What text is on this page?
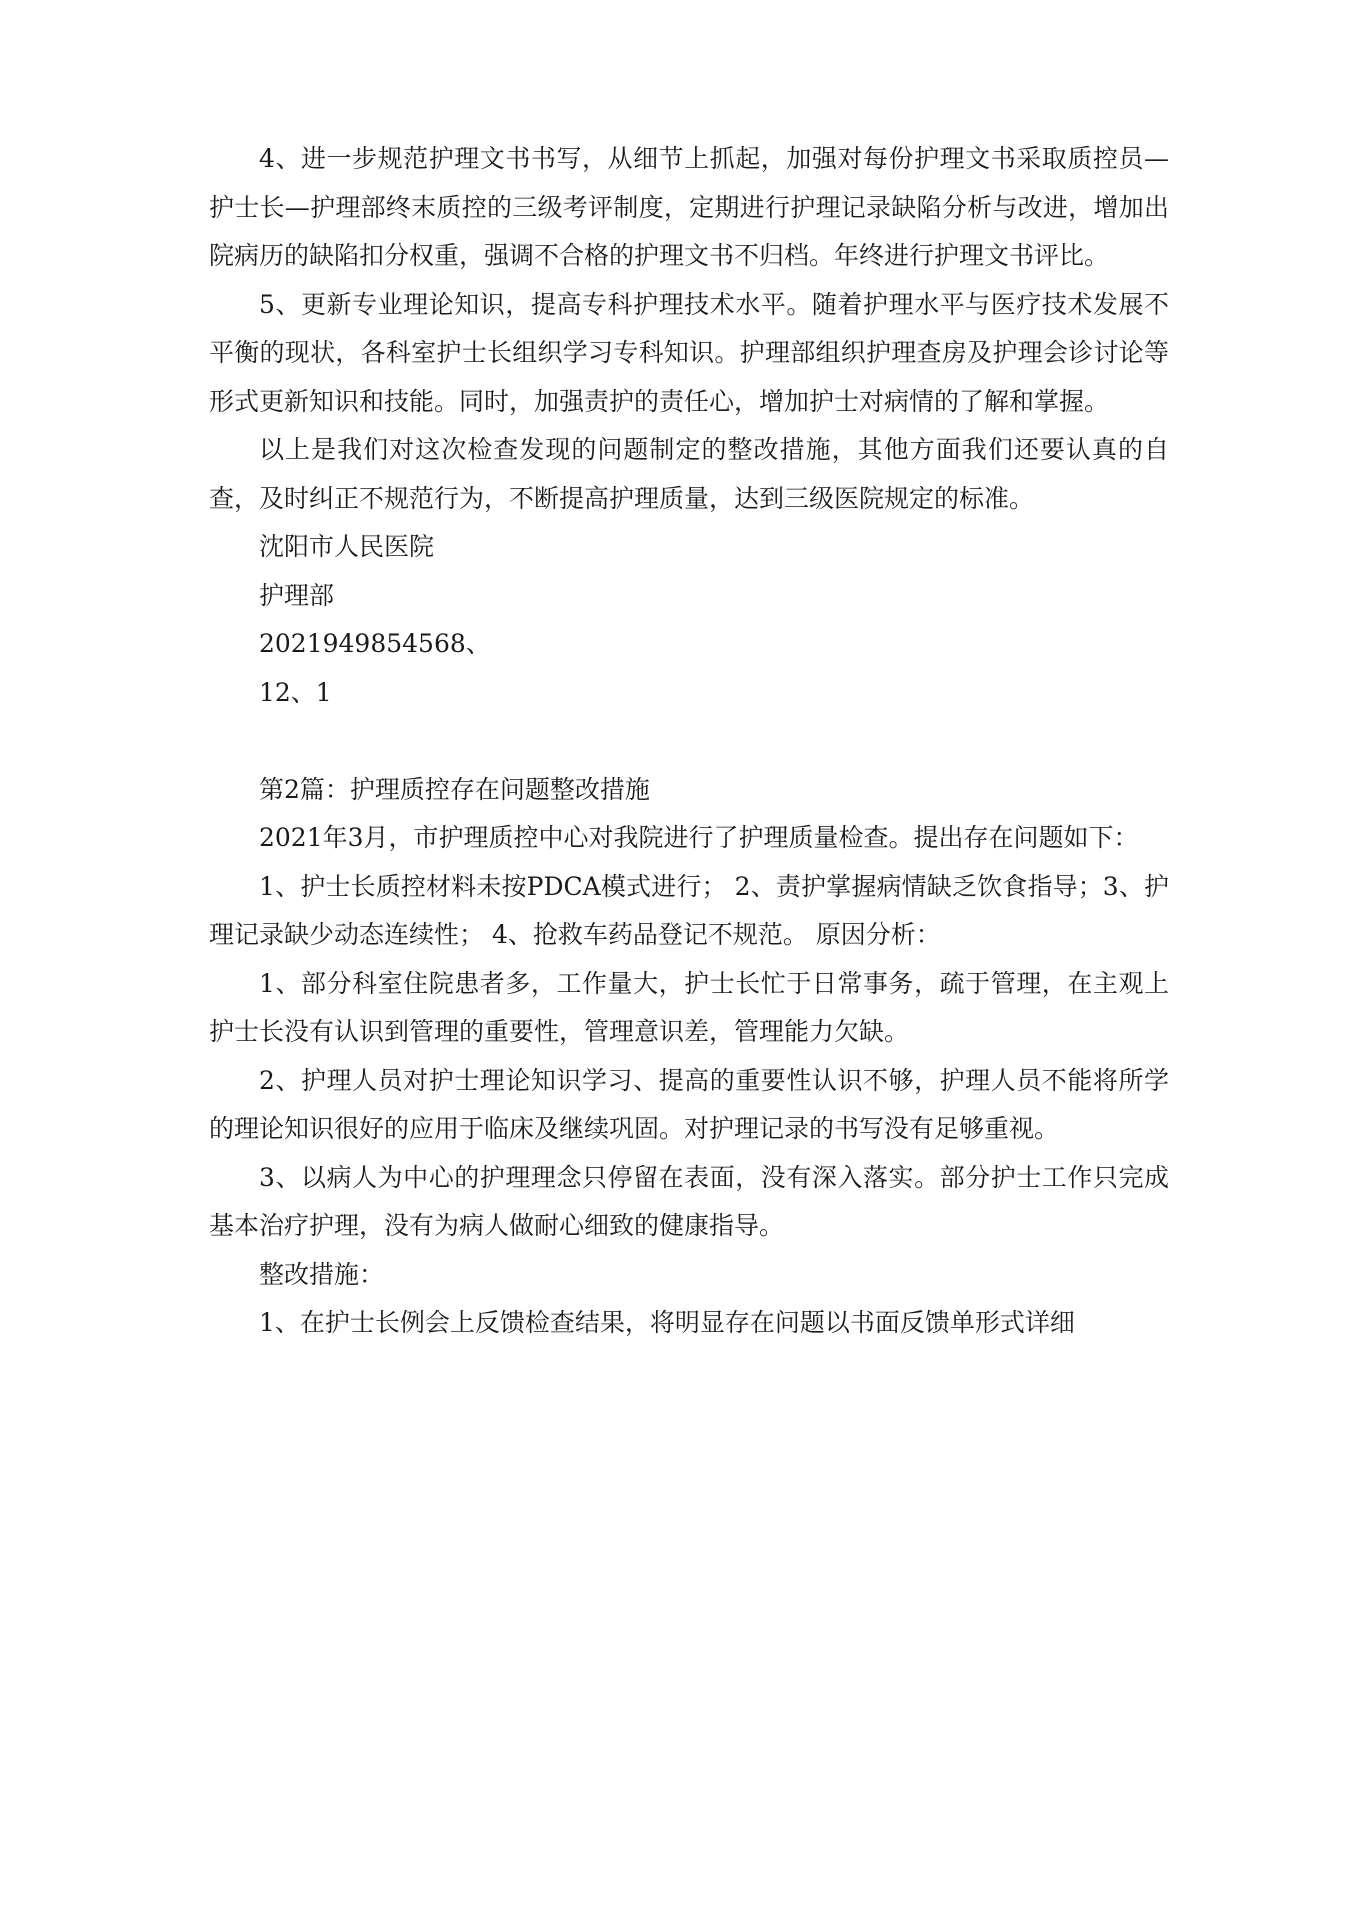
4、进一步规范护理文书书写，从细节上抓起，加强对每份护理文书采取质控员—护士长—护理部终末质控的三级考评制度，定期进行护理记录缺陷分析与改进，增加出院病历的缺陷扣分权重，强调不合格的护理文书不归档。年终进行护理文书评比。

5、更新专业理论知识，提高专科护理技术水平。随着护理水平与医疗技术发展不平衡的现状，各科室护士长组织学习专科知识。护理部组织护理查房及护理会诊讨论等形式更新知识和技能。同时，加强责护的责任心，增加护士对病情的了解和掌握。

以上是我们对这次检查发现的问题制定的整改措施，其他方面我们还要认真的自查，及时纠正不规范行为，不断提高护理质量，达到三级医院规定的标准。

沈阳市人民医院

护理部

2021949854568、

12、1

第2篇：护理质控存在问题整改措施

2021年3月，市护理质控中心对我院进行了护理质量检查。提出存在问题如下：

1、护士长质控材料未按PDCA模式进行； 2、责护掌握病情缺乏饮食指导；3、护理记录缺少动态连续性； 4、抢救车药品登记不规范。 原因分析：

1、部分科室住院患者多，工作量大，护士长忙于日常事务，疏于管理，在主观上护士长没有认识到管理的重要性，管理意识差，管理能力欠缺。

2、护理人员对护士理论知识学习、提高的重要性认识不够，护理人员不能将所学的理论知识很好的应用于临床及继续巩固。对护理记录的书写没有足够重视。

3、以病人为中心的护理理念只停留在表面，没有深入落实。部分护士工作只完成基本治疗护理，没有为病人做耐心细致的健康指导。

整改措施：

1、在护士长例会上反馈检查结果，将明显存在问题以书面反馈单形式详细
